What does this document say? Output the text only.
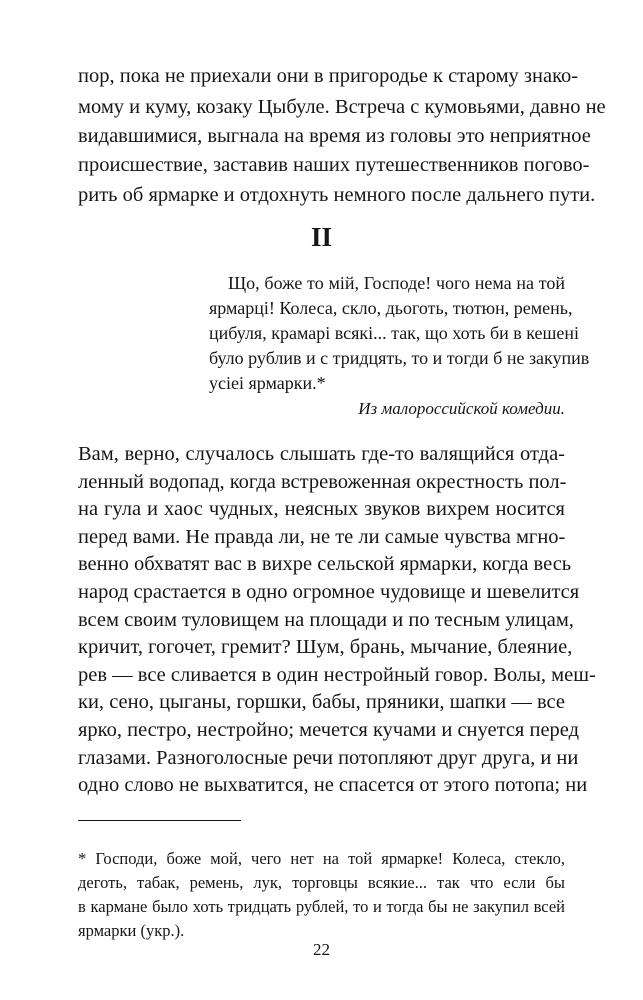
пор, пока не приехали они в пригородье к старому знако-

мому и куму, козаку Цыбуле. Встреча с кумовьями, давно не

видавшимися, выгнала на время из головы это неприятное

происшествие, заставив наших путешественников погово-

рить об ярмарке и отдохнуть немного после дальнего пути.

II

Що, боже то мій, Господе! чого нема на той

ярмарці! Колеса, скло, дьоготь, тютюн, ремень,

цибуля, крамарі всякі... так, що хоть би в кешені

було рублив и с тридцять, то и тогди б не закупив

усіеі ярмарки.*

Из малороссийской комедии.

Вам, верно, случалось слышать где-то валящийся отда-

ленный водопад, когда встревоженная окрестность пол-

на гула и хаос чудных, неясных звуков вихрем носится

перед вами. Не правда ли, не те ли самые чувства мгно-

венно обхватят вас в вихре сельской ярмарки, когда весь

народ срастается в одно огромное чудовище и шевелится

всем своим туловищем на площади и по тесным улицам,

кричит, гогочет, гремит? Шум, брань, мычание, блеяние,

рев — все сливается в один нестройный говор. Волы, меш-

ки, сено, цыганы, горшки, бабы, пряники, шапки — все

ярко, пестро, нестройно; мечется кучами и снуется перед

глазами. Разноголосные речи потопляют друг друга, и ни

одно слово не выхватится, не спасется от этого потопа; ни

* Господи, боже мой, чего нет на той ярмарке! Колеса, стекло,

деготь, табак, ремень, лук, торговцы всякие... так что если бы

в кармане было хоть тридцать рублей, то и тогда бы не закупил всей

ярмарки (укр.).

22
